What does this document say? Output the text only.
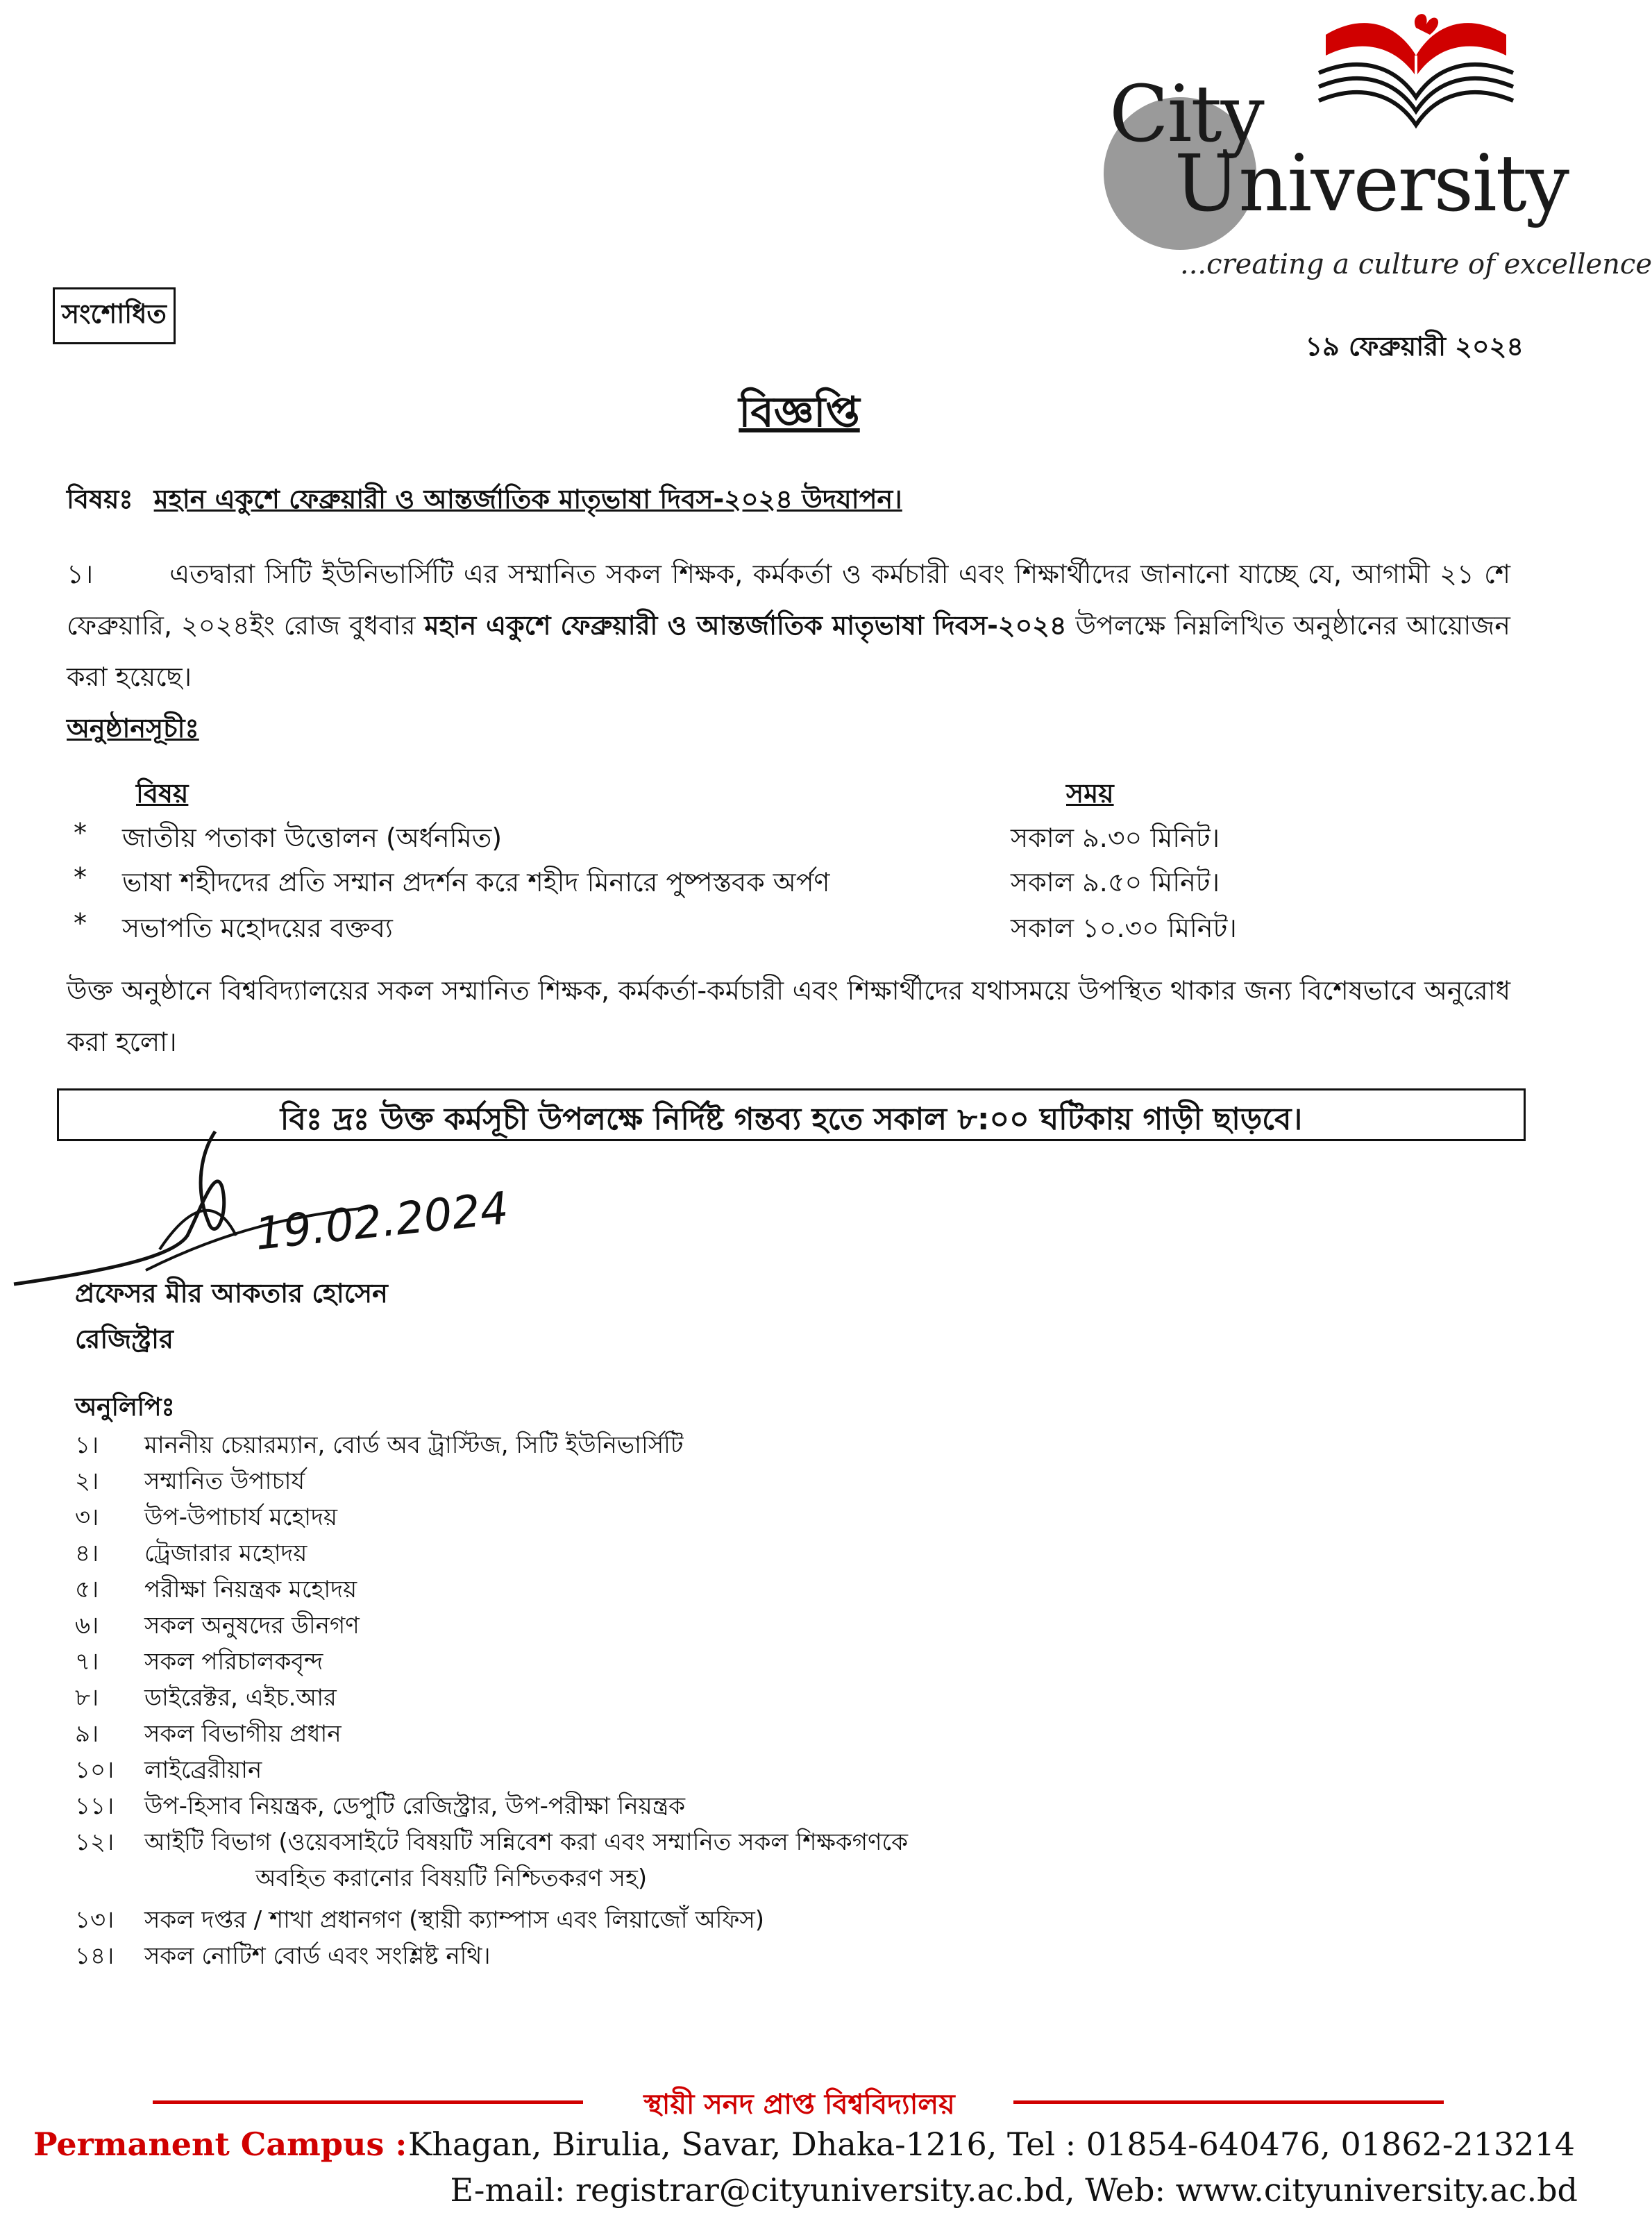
City
University
...creating a culture of excellence
সংশোধিত
১৯ ফেব্রুয়ারী ২০২৪
বিজ্ঞপ্তি
বিষয়ঃ মহান একুশে ফেব্রুয়ারী ও আন্তর্জাতিক মাতৃভাষা দিবস-২০২৪ উদযাপন।
১।	এতদ্বারা সিটি ইউনিভার্সিটি এর সম্মানিত সকল শিক্ষক, কর্মকর্তা ও কর্মচারী এবং শিক্ষার্থীদের জানানো যাচ্ছে যে, আগামী ২১ শে ফেব্রুয়ারি, ২০২৪ইং রোজ বুধবার মহান একুশে ফেব্রুয়ারী ও আন্তর্জাতিক মাতৃভাষা দিবস-২০২৪ উপলক্ষে নিম্নলিখিত অনুষ্ঠানের আয়োজন করা হয়েছে।
অনুষ্ঠানসূচীঃ
বিষয়	সময়
* জাতীয় পতাকা উত্তোলন (অর্ধনমিত)	সকাল ৯.৩০ মিনিট।
* ভাষা শহীদদের প্রতি সম্মান প্রদর্শন করে শহীদ মিনারে পুষ্পস্তবক অর্পণ	সকাল ৯.৫০ মিনিট।
* সভাপতি মহোদয়ের বক্তব্য	সকাল ১০.৩০ মিনিট।
উক্ত অনুষ্ঠানে বিশ্ববিদ্যালয়ের সকল সম্মানিত শিক্ষক, কর্মকর্তা-কর্মচারী এবং শিক্ষার্থীদের যথাসময়ে উপস্থিত থাকার জন্য বিশেষভাবে অনুরোধ করা হলো।
বিঃ দ্রঃ উক্ত কর্মসূচী উপলক্ষে নির্দিষ্ট গন্তব্য হতে সকাল ৮:০০ ঘটিকায় গাড়ী ছাড়বে।
19.02.2024
প্রফেসর মীর আকতার হোসেন
রেজিস্ট্রার
অনুলিপিঃ
১। মাননীয় চেয়ারম্যান, বোর্ড অব ট্রাস্টিজ, সিটি ইউনিভার্সিটি
২। সম্মানিত উপাচার্য
৩। উপ-উপাচার্য মহোদয়
৪। ট্রেজারার মহোদয়
৫। পরীক্ষা নিয়ন্ত্রক মহোদয়
৬। সকল অনুষদের ডীনগণ
৭। সকল পরিচালকবৃন্দ
৮। ডাইরেক্টর, এইচ.আর
৯। সকল বিভাগীয় প্রধান
১০। লাইব্রেরীয়ান
১১। উপ-হিসাব নিয়ন্ত্রক, ডেপুটি রেজিস্ট্রার, উপ-পরীক্ষা নিয়ন্ত্রক
১২। আইটি বিভাগ (ওয়েবসাইটে বিষয়টি সন্নিবেশ করা এবং সম্মানিত সকল শিক্ষকগণকে
অবহিত করানোর বিষয়টি নিশ্চিতকরণ সহ)
১৩। সকল দপ্তর / শাখা প্রধানগণ (স্থায়ী ক্যাম্পাস এবং লিয়াজোঁ অফিস)
১৪। সকল নোটিশ বোর্ড এবং সংশ্লিষ্ট নথি।
স্থায়ী সনদ প্রাপ্ত বিশ্ববিদ্যালয়
Permanent Campus : Khagan, Birulia, Savar, Dhaka-1216, Tel : 01854-640476, 01862-213214
E-mail: registrar@cityuniversity.ac.bd, Web: www.cityuniversity.ac.bd
